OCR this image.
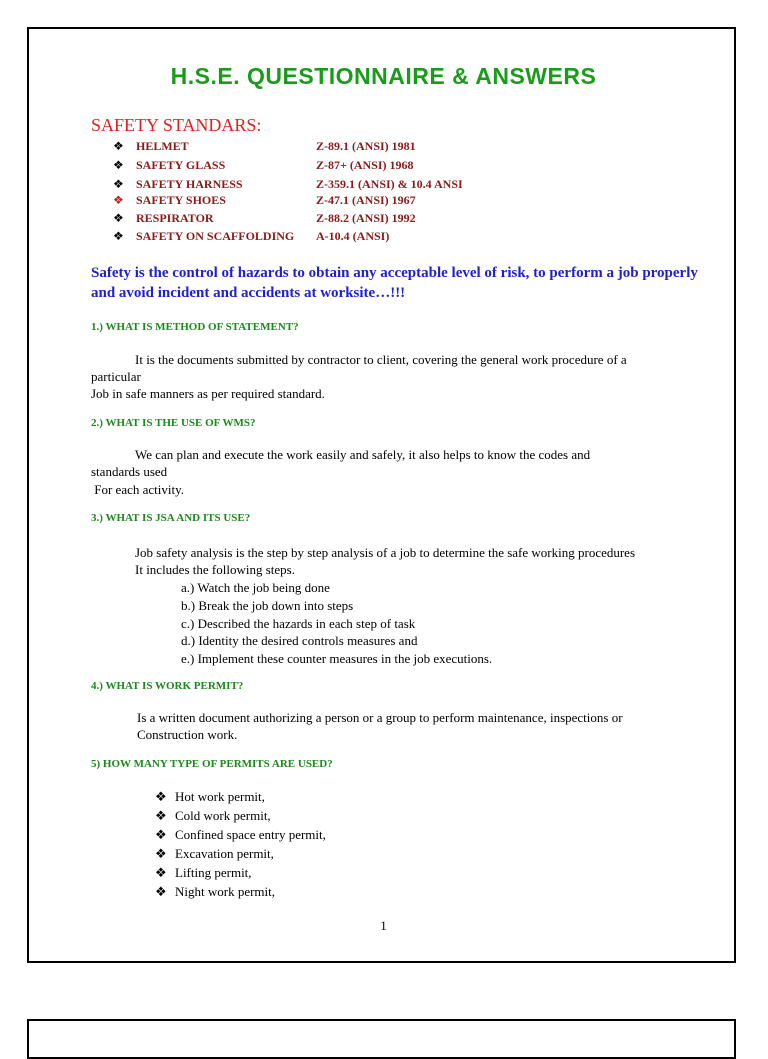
H.S.E. QUESTIONNAIRE & ANSWERS
SAFETY STANDARS:
❖ HELMET	Z-89.1 (ANSI) 1981
❖ SAFETY GLASS	Z-87+ (ANSI) 1968
❖ SAFETY HARNESS	Z-359.1 (ANSI) & 10.4 ANSI
❖ SAFETY SHOES	Z-47.1 (ANSI) 1967
❖ RESPIRATOR	Z-88.2 (ANSI) 1992
❖ SAFETY ON SCAFFOLDING A-10.4 (ANSI)
Safety is the control of hazards to obtain any acceptable level of risk, to perform a job properly and avoid incident and accidents at worksite…!!!
1.) WHAT IS METHOD OF STATEMENT?
It is the documents submitted by contractor to client, covering the general work procedure of a
particular
Job in safe manners as per required standard.
2.) WHAT IS THE USE OF WMS?
We can plan and execute the work easily and safely, it also helps to know the codes and
standards used
For each activity.
3.) WHAT IS JSA AND ITS USE?
Job safety analysis is the step by step analysis of a job to determine the safe working procedures
It includes the following steps.
a.) Watch the job being done
b.) Break the job down into steps
c.) Described the hazards in each step of task
d.) Identity the desired controls measures and
e.) Implement these counter measures in the job executions.
4.) WHAT IS WORK PERMIT?
Is a written document authorizing a person or a group to perform maintenance, inspections or
Construction work.
5) HOW MANY TYPE OF PERMITS ARE USED?
❖ Hot work permit,
❖ Cold work permit,
❖ Confined space entry permit,
❖ Excavation permit,
❖ Lifting permit,
❖ Night work permit,
1
